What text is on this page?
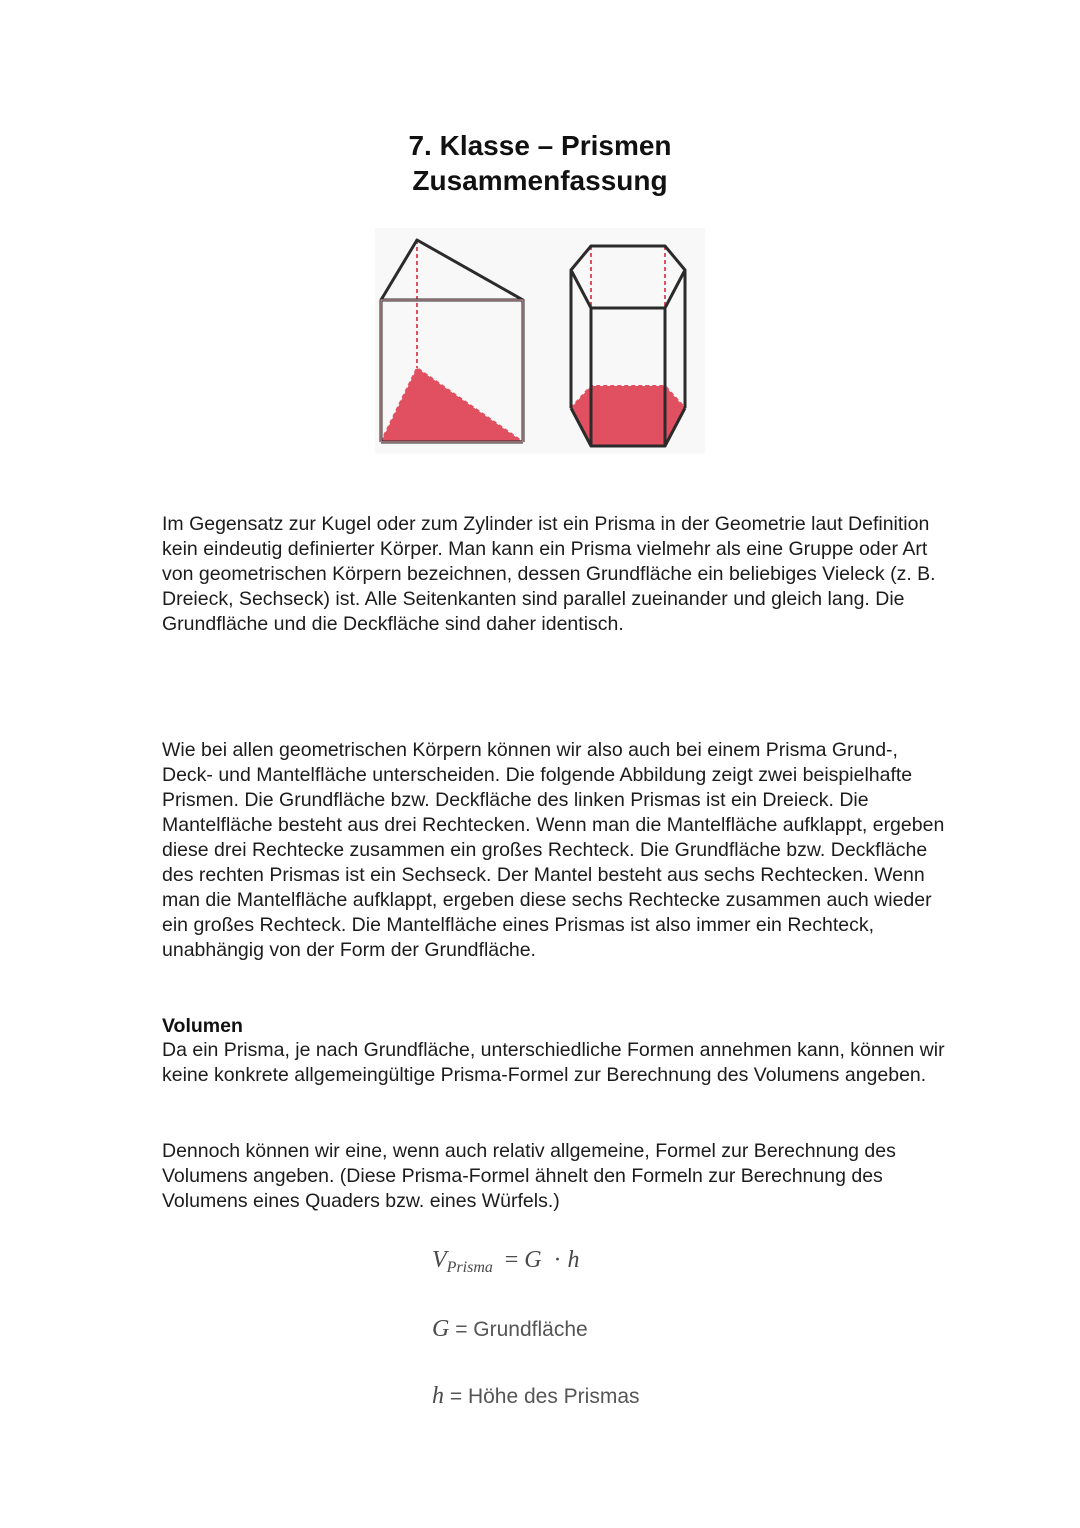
7. Klasse – Prismen
Zusammenfassung

Im Gegensatz zur Kugel oder zum Zylinder ist ein Prisma in der Geometrie laut Definition kein eindeutig definierter Körper. Man kann ein Prisma vielmehr als eine Gruppe oder Art von geometrischen Körpern bezeichnen, dessen Grundfläche ein beliebiges Vieleck (z. B. Dreieck, Sechseck) ist. Alle Seitenkanten sind parallel zueinander und gleich lang. Die Grundfläche und die Deckfläche sind daher identisch.

Wie bei allen geometrischen Körpern können wir also auch bei einem Prisma Grund-, Deck- und Mantelfläche unterscheiden. Die folgende Abbildung zeigt zwei beispielhafte Prismen. Die Grundfläche bzw. Deckfläche des linken Prismas ist ein Dreieck. Die Mantelfläche besteht aus drei Rechtecken. Wenn man die Mantelfläche aufklappt, ergeben diese drei Rechtecke zusammen ein großes Rechteck. Die Grundfläche bzw. Deckfläche des rechten Prismas ist ein Sechseck. Der Mantel besteht aus sechs Rechtecken. Wenn man die Mantelfläche aufklappt, ergeben diese sechs Rechtecke zusammen auch wieder ein großes Rechteck. Die Mantelfläche eines Prismas ist also immer ein Rechteck, unabhängig von der Form der Grundfläche.

Volumen

Da ein Prisma, je nach Grundfläche, unterschiedliche Formen annehmen kann, können wir keine konkrete allgemeingültige Prisma-Formel zur Berechnung des Volumens angeben.

Dennoch können wir eine, wenn auch relativ allgemeine, Formel zur Berechnung des Volumens angeben. (Diese Prisma-Formel ähnelt den Formeln zur Berechnung des Volumens eines Quaders bzw. eines Würfels.)

$V_{Prisma} = G \cdot h$
G = Grundfläche
h = Höhe des Prismas
